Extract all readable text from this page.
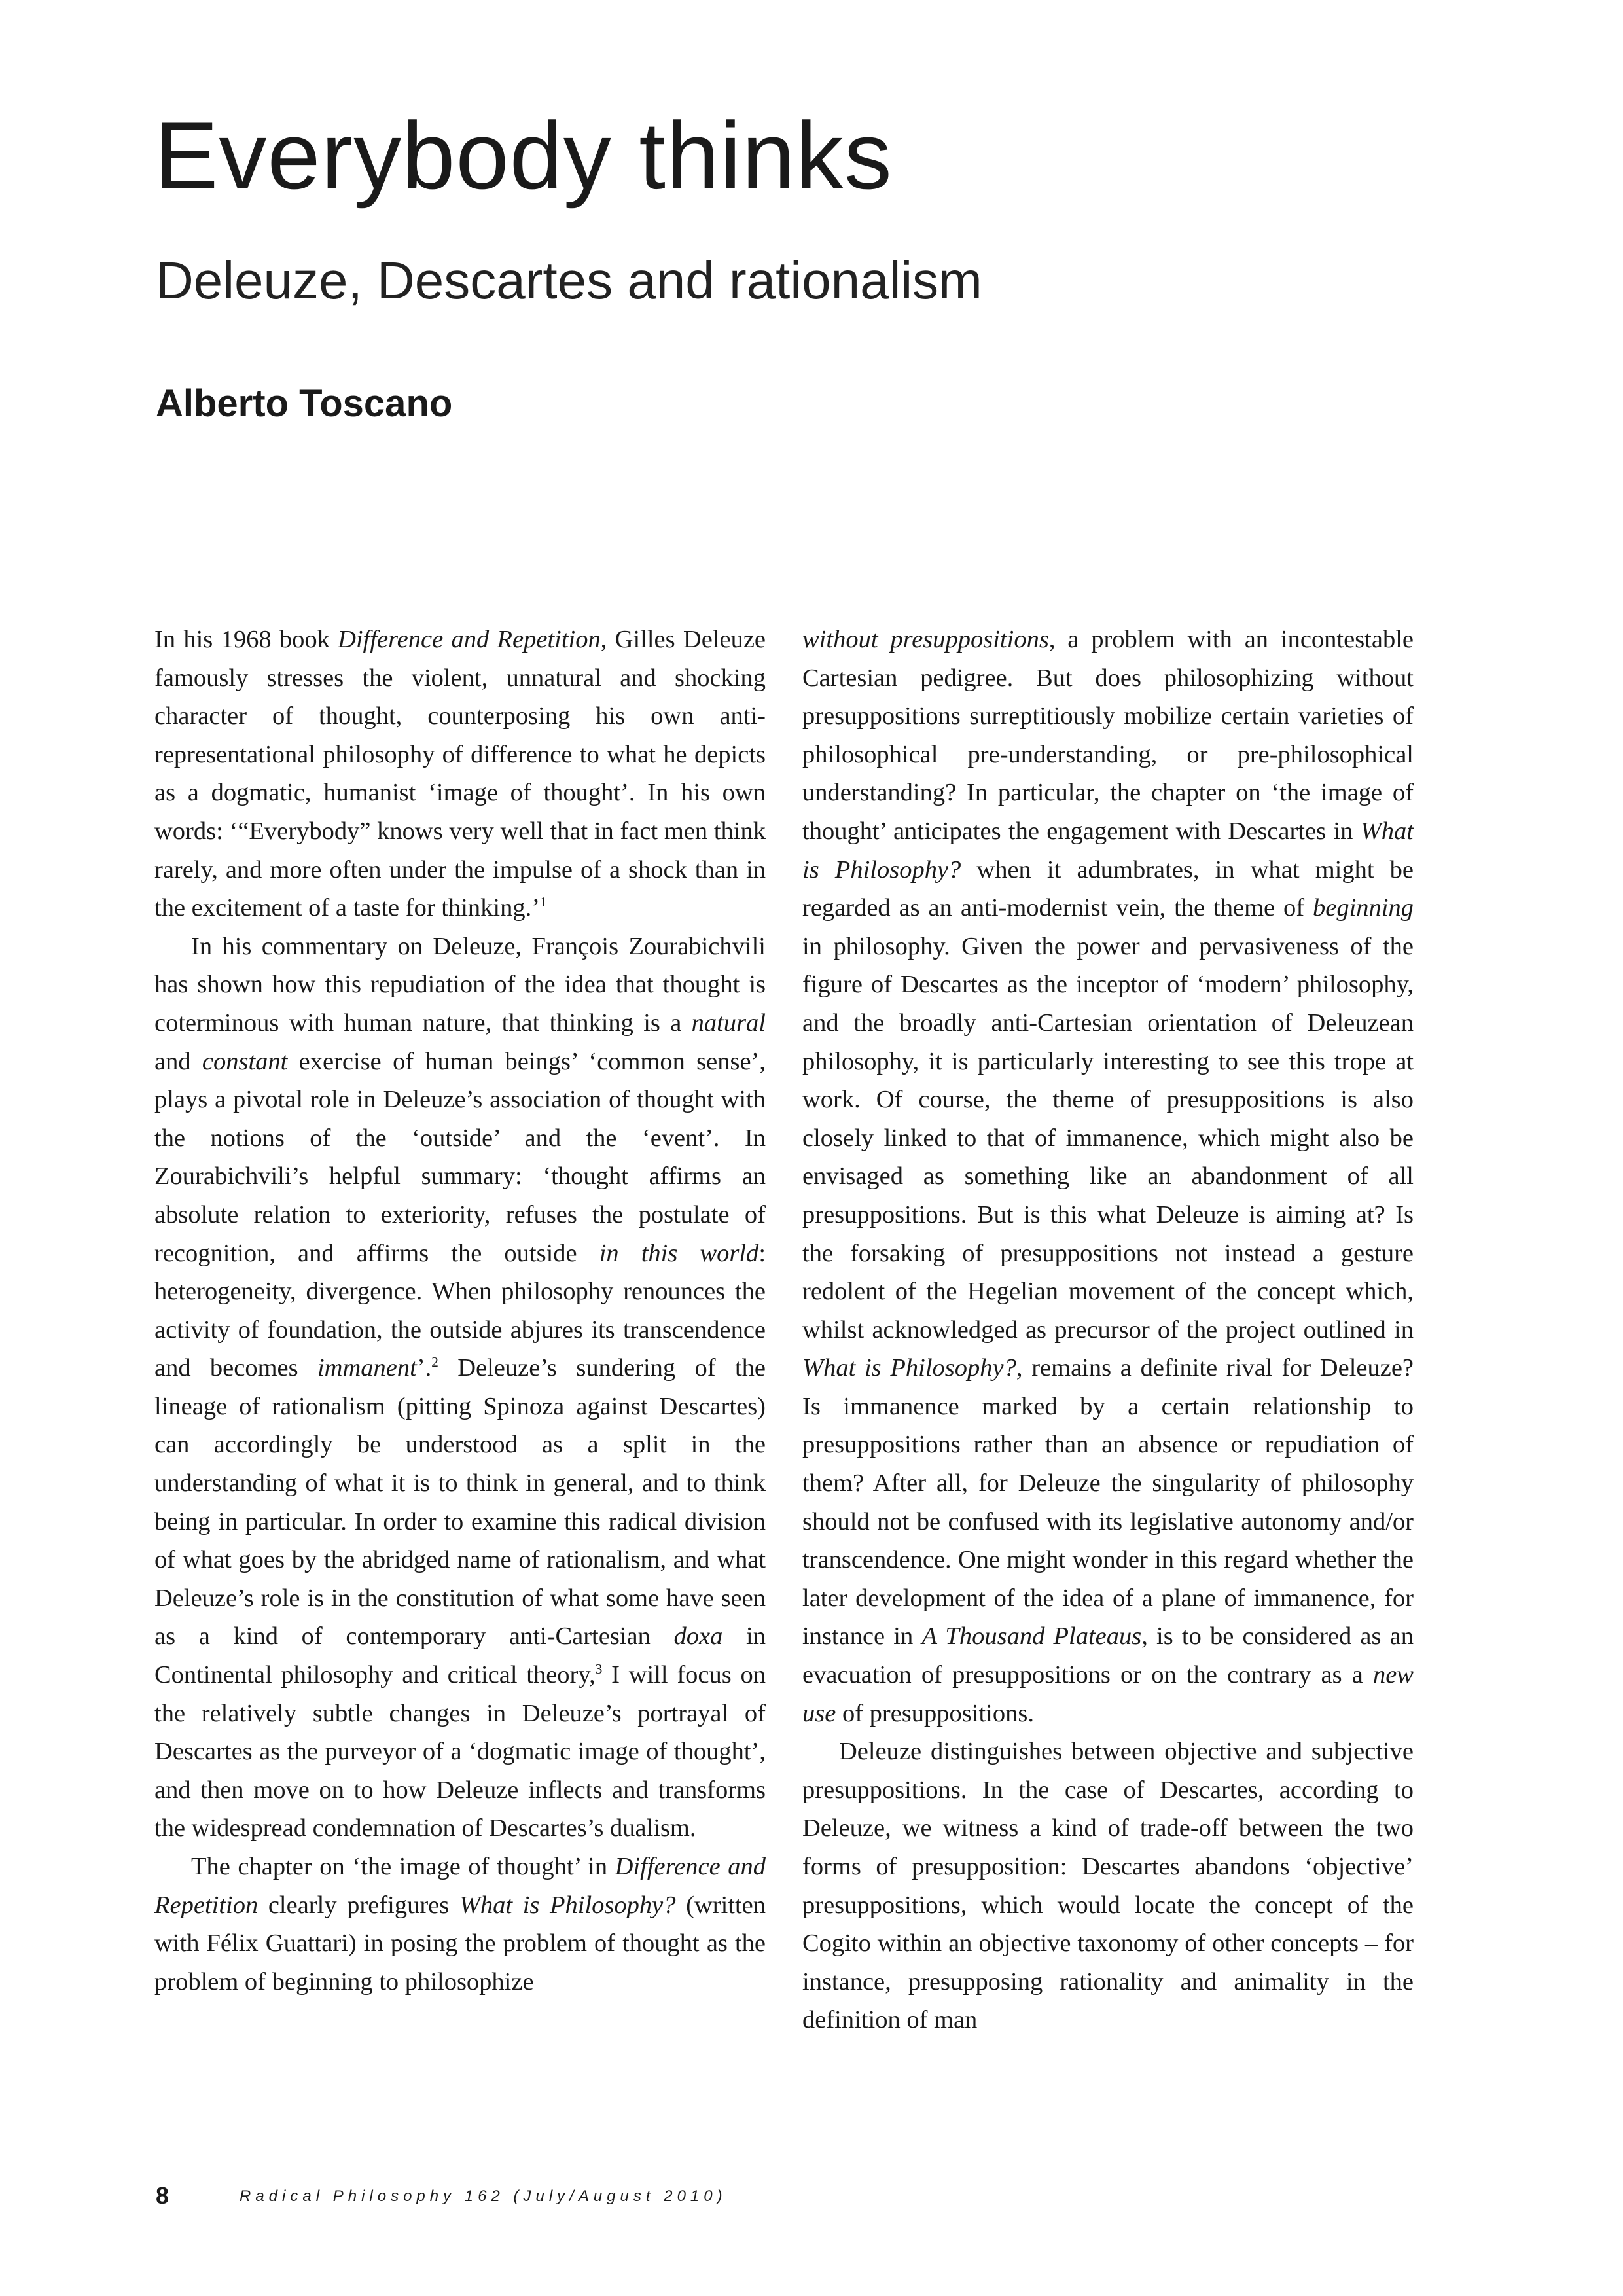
Everybody thinks
Deleuze, Descartes and rationalism
Alberto Toscano

In his 1968 book Difference and Repetition, Gilles Deleuze famously stresses the violent, unnatural and shocking character of thought, counterposing his own anti-representational philosophy of difference to what he depicts as a dogmatic, humanist ‘image of thought’. In his own words: ‘“Everybody” knows very well that in fact men think rarely, and more often under the impulse of a shock than in the excitement of a taste for thinking.’$^1$

In his commentary on Deleuze, François Zourabichvili has shown how this repudiation of the idea that thought is coterminous with human nature, that thinking is a natural and constant exercise of human beings’ ‘common sense’, plays a pivotal role in Deleuze’s association of thought with the notions of the ‘outside’ and the ‘event’. In Zourabichvili’s helpful summary: ‘thought affirms an absolute relation to exteriority, refuses the postulate of recognition, and affirms the outside in this world: heterogeneity, divergence. When philosophy renounces the activity of foundation, the outside abjures its transcendence and becomes immanent’.$^2$ Deleuze’s sundering of the lineage of rationalism (pitting Spinoza against Descartes) can accordingly be understood as a split in the understanding of what it is to think in general, and to think being in particular. In order to examine this radical division of what goes by the abridged name of rationalism, and what Deleuze’s role is in the constitution of what some have seen as a kind of contemporary anti-Cartesian doxa in Continental philosophy and critical theory,$^3$ I will focus on the relatively subtle changes in Deleuze’s portrayal of Descartes as the purveyor of a ‘dogmatic image of thought’, and then move on to how Deleuze inflects and transforms the widespread condemnation of Descartes’s dualism.

The chapter on ‘the image of thought’ in Difference and Repetition clearly prefigures What is Philosophy? (written with Félix Guattari) in posing the problem of thought as the problem of beginning to philosophize

without presuppositions, a problem with an incontestable Cartesian pedigree. But does philosophizing without presuppositions surreptitiously mobilize certain varieties of philosophical pre-understanding, or pre-philosophical understanding? In particular, the chapter on ‘the image of thought’ anticipates the engagement with Descartes in What is Philosophy? when it adumbrates, in what might be regarded as an anti-modernist vein, the theme of beginning in philosophy. Given the power and pervasiveness of the figure of Descartes as the inceptor of ‘modern’ philosophy, and the broadly anti-Cartesian orientation of Deleuzean philosophy, it is particularly interesting to see this trope at work. Of course, the theme of presuppositions is also closely linked to that of immanence, which might also be envisaged as something like an abandonment of all presuppositions. But is this what Deleuze is aiming at? Is the forsaking of presuppositions not instead a gesture redolent of the Hegelian movement of the concept which, whilst acknowledged as precursor of the project outlined in What is Philosophy?, remains a definite rival for Deleuze? Is immanence marked by a certain relationship to presuppositions rather than an absence or repudiation of them? After all, for Deleuze the singularity of philosophy should not be confused with its legislative autonomy and/or transcendence. One might wonder in this regard whether the later development of the idea of a plane of immanence, for instance in A Thousand Plateaus, is to be considered as an evacuation of presuppositions or on the contrary as a new use of presuppositions.

Deleuze distinguishes between objective and subjective presuppositions. In the case of Descartes, according to Deleuze, we witness a kind of trade-off between the two forms of presupposition: Descartes abandons ‘objective’ presuppositions, which would locate the concept of the Cogito within an objective taxonomy of other concepts – for instance, presupposing rationality and animality in the definition of man

8	Radical Philosophy 162 (July/August 2010)
